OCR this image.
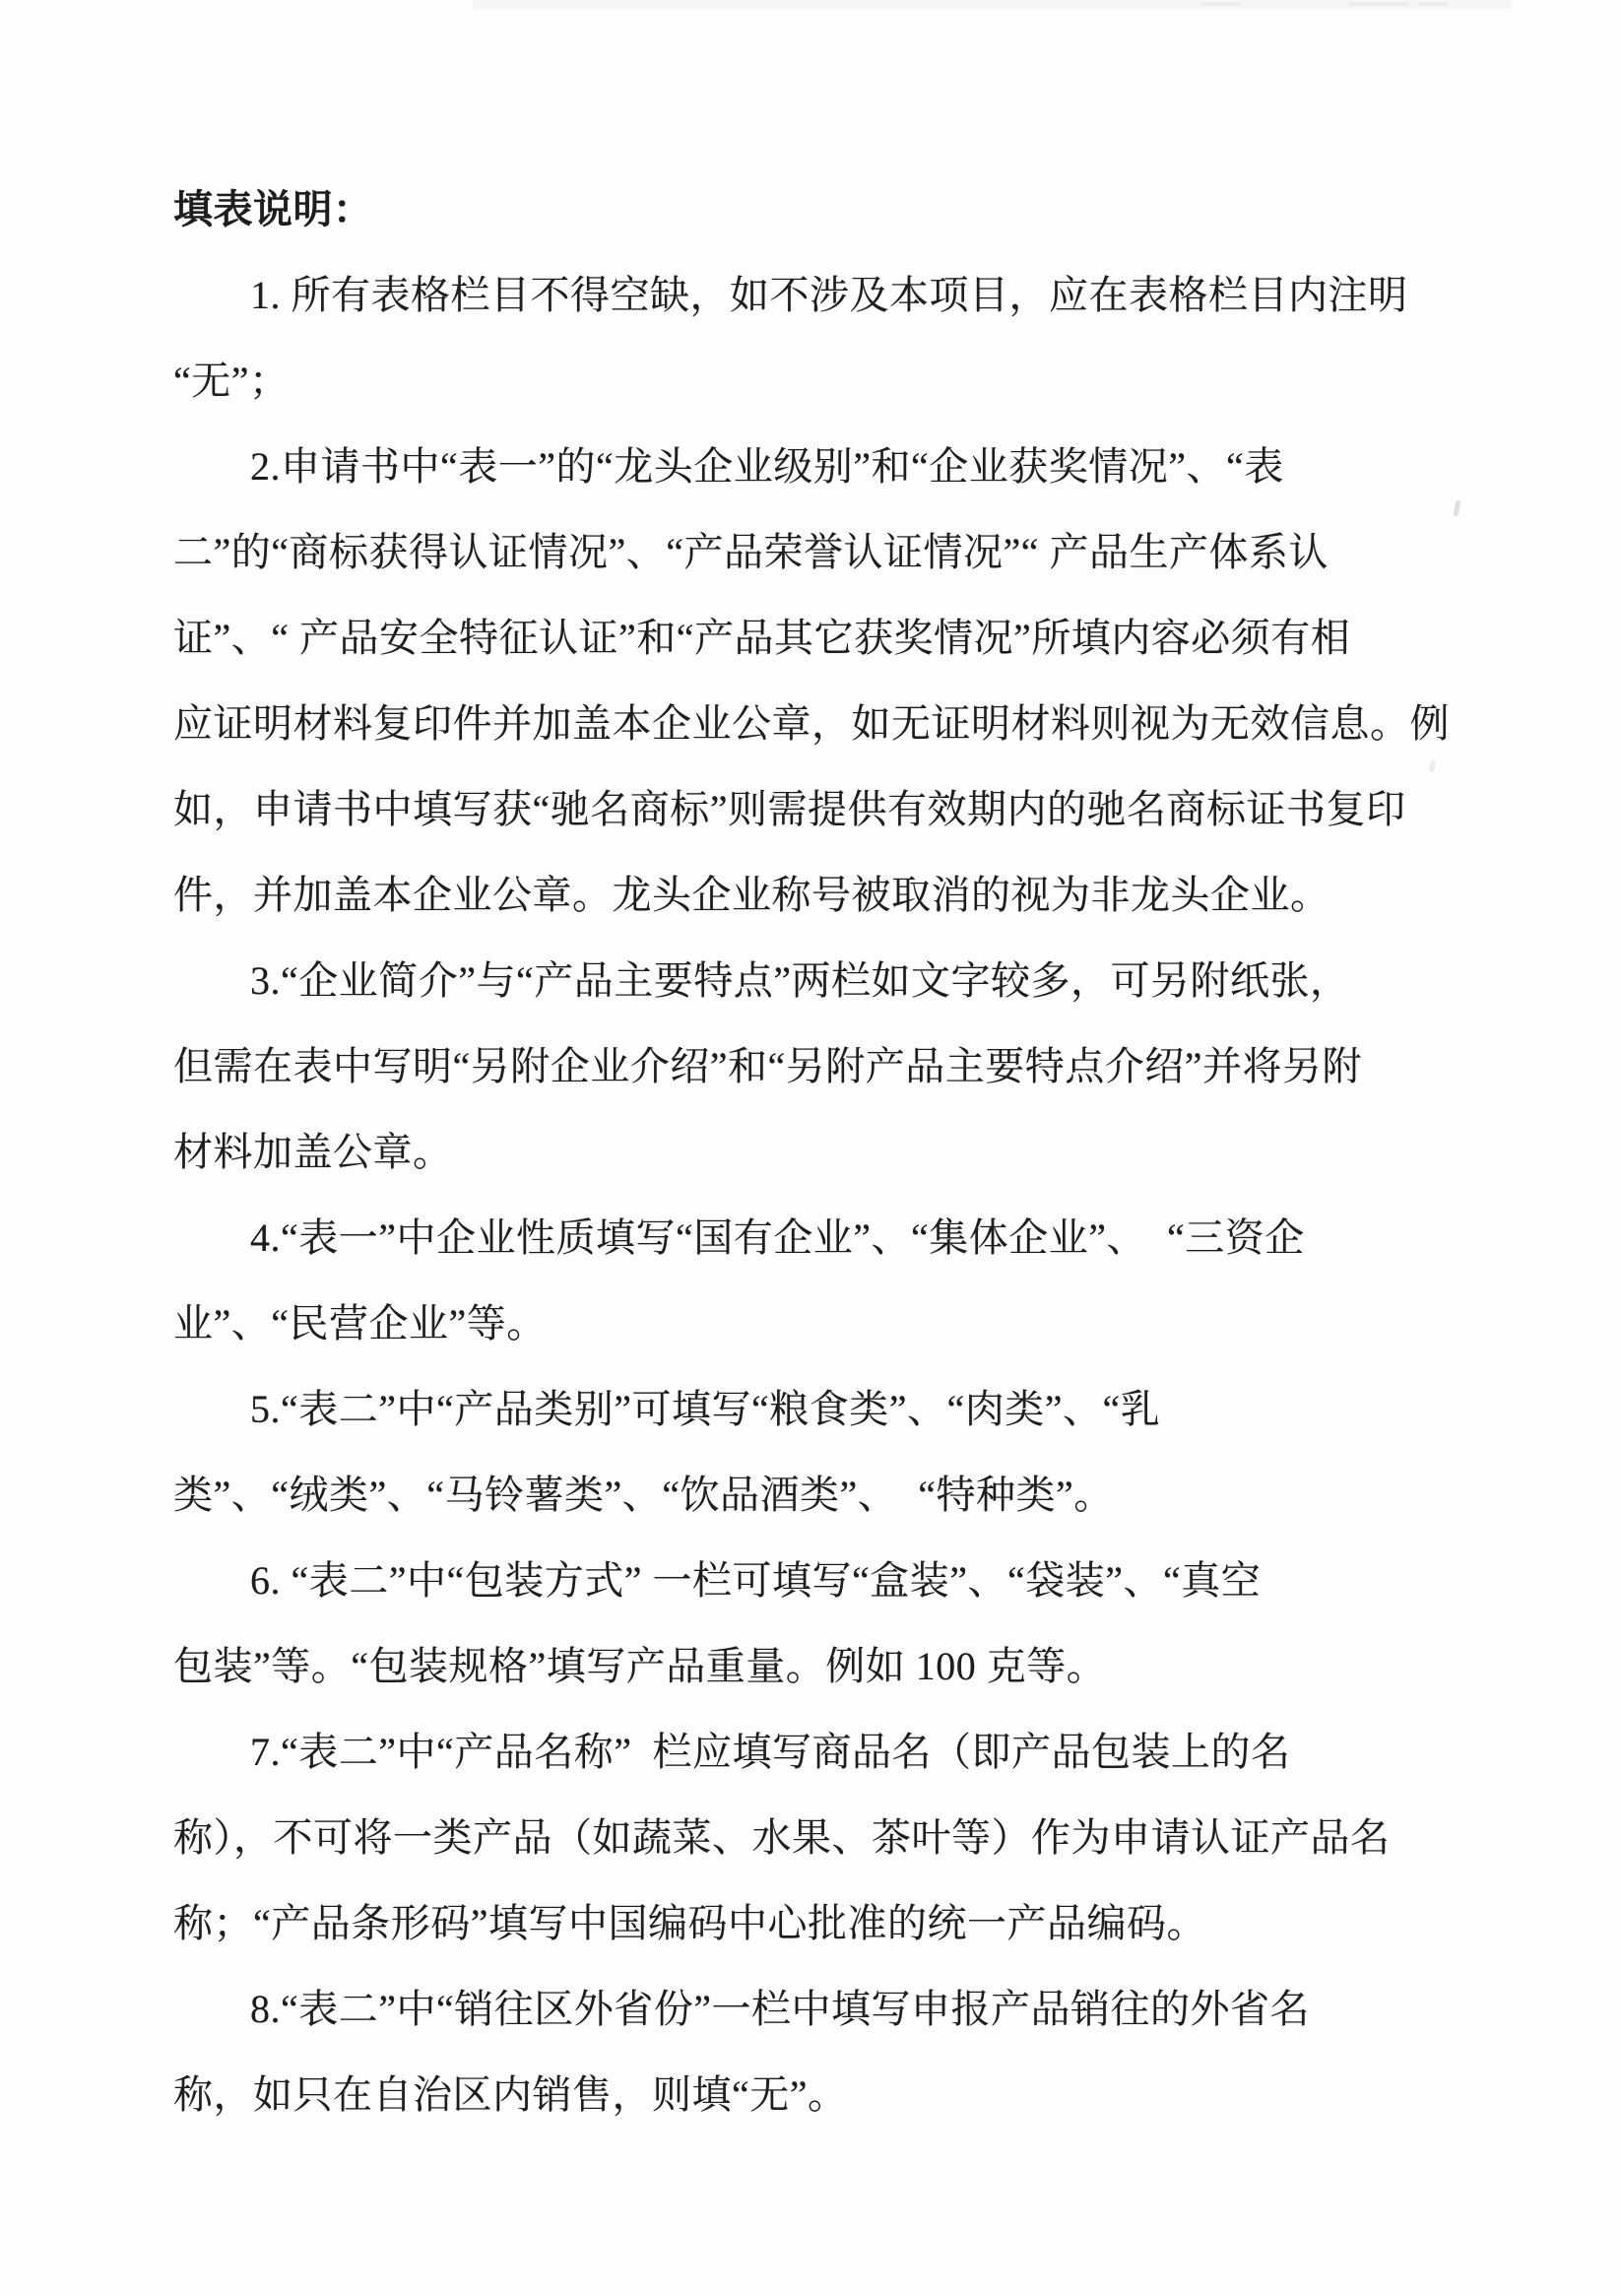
填表说明：
1. 所有表格栏目不得空缺，如不涉及本项目，应在表格栏目内注明
“无”；
2.申请书中“表一”的“龙头企业级别”和“企业获奖情况”、“表
二”的“商标获得认证情况”、“产品荣誉认证情况”“ 产品生产体系认
证”、“ 产品安全特征认证”和“产品其它获奖情况”所填内容必须有相
应证明材料复印件并加盖本企业公章，如无证明材料则视为无效信息。例
如，申请书中填写获“驰名商标”则需提供有效期内的驰名商标证书复印
件，并加盖本企业公章。龙头企业称号被取消的视为非龙头企业。
3.“企业简介”与“产品主要特点”两栏如文字较多，可另附纸张，
但需在表中写明“另附企业介绍”和“另附产品主要特点介绍”并将另附
材料加盖公章。
4.“表一”中企业性质填写“国有企业”、“集体企业”、  “三资企
业”、“民营企业”等。
5.“表二”中“产品类别”可填写“粮食类”、“肉类”、“乳
类”、“绒类”、“马铃薯类”、“饮品酒类”、  “特种类”。
6. “表二”中“包装方式” 一栏可填写“盒装”、“袋装”、“真空
包装”等。“包装规格”填写产品重量。例如 100 克等。
7.“表二”中“产品名称”  栏应填写商品名（即产品包装上的名
称），不可将一类产品（如蔬菜、水果、茶叶等）作为申请认证产品名
称；“产品条形码”填写中国编码中心批准的统一产品编码。
8.“表二”中“销往区外省份”一栏中填写申报产品销往的外省名
称，如只在自治区内销售，则填“无”。
